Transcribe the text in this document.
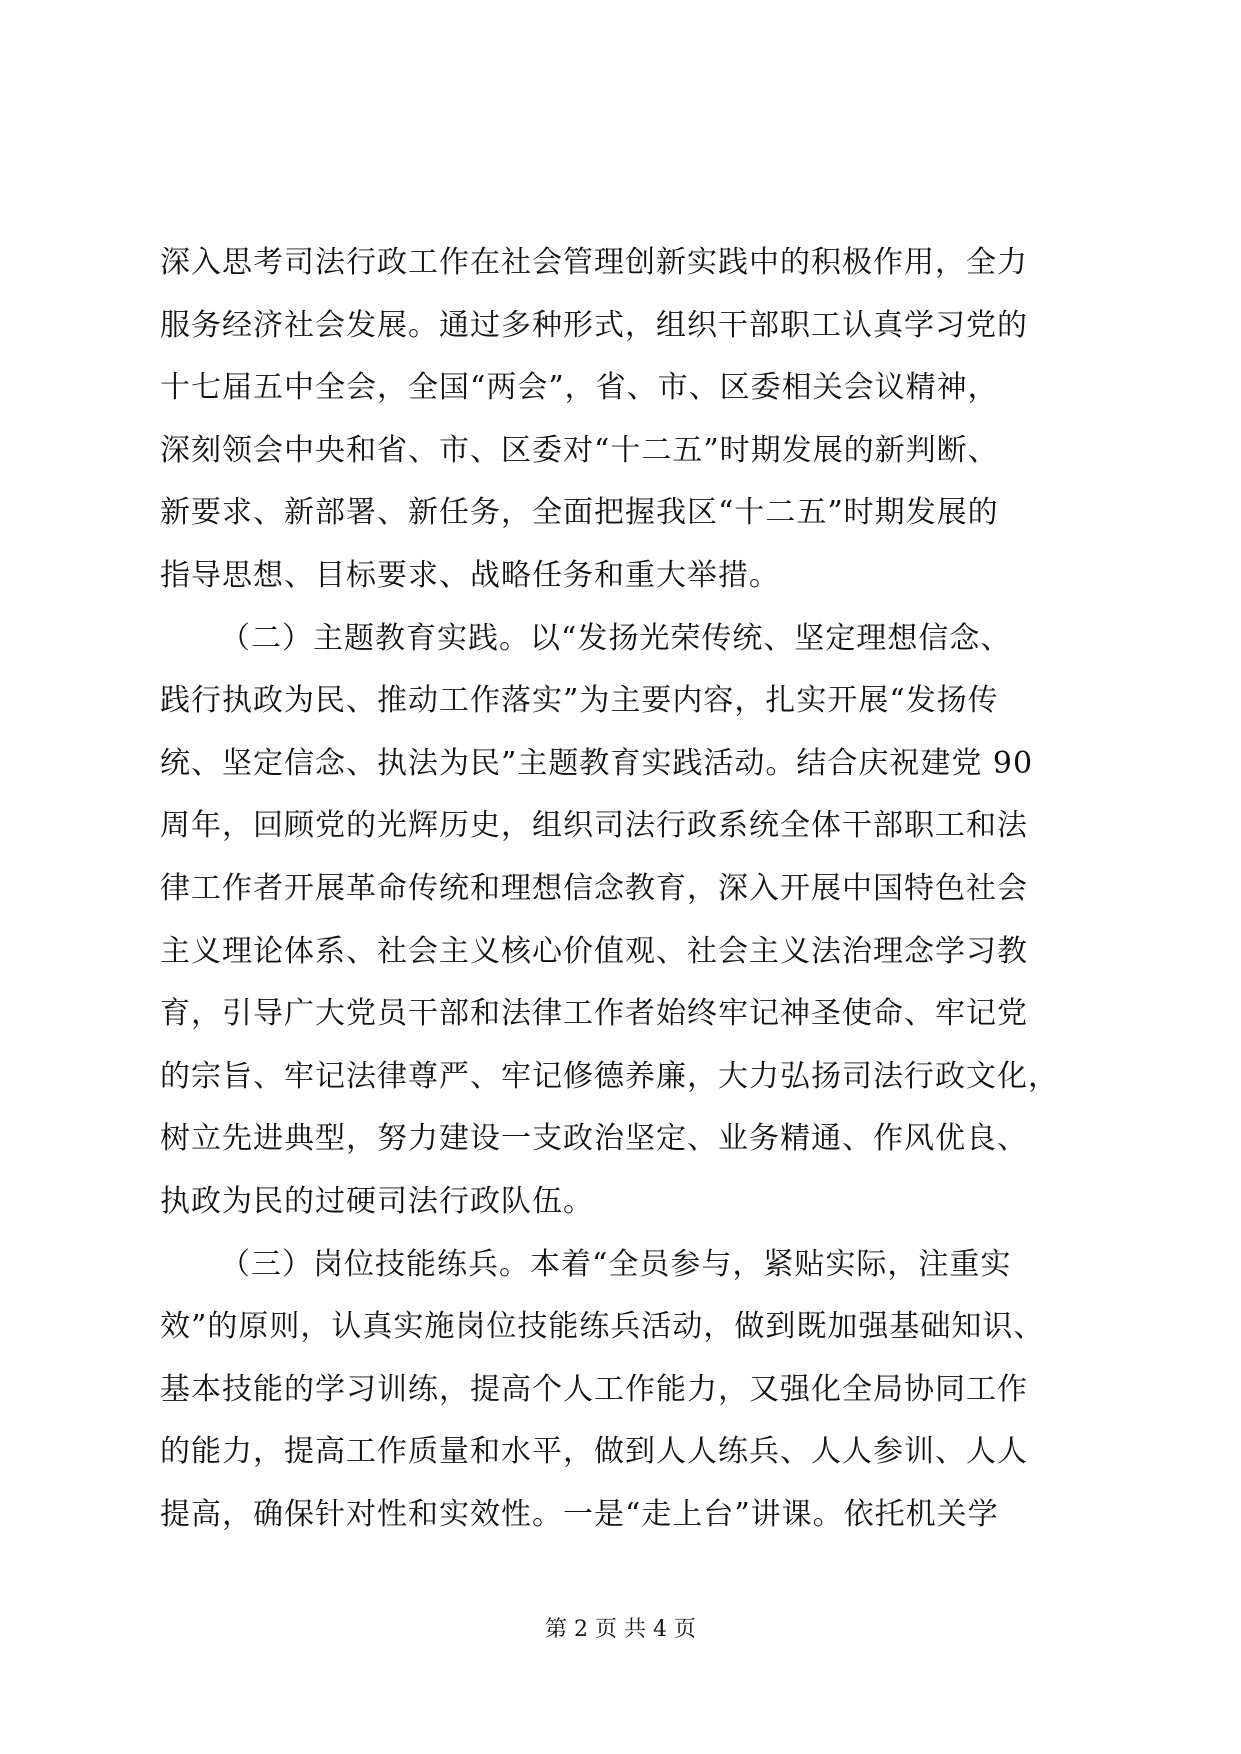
深入思考司法行政工作在社会管理创新实践中的积极作用，全力
服务经济社会发展。通过多种形式，组织干部职工认真学习党的
十七届五中全会，全国“两会”，省、市、区委相关会议精神，
深刻领会中央和省、市、区委对“十二五”时期发展的新判断、
新要求、新部署、新任务，全面把握我区“十二五”时期发展的
指导思想、目标要求、战略任务和重大举措。
（二）主题教育实践。以“发扬光荣传统、坚定理想信念、
践行执政为民、推动工作落实”为主要内容，扎实开展“发扬传
统、坚定信念、执法为民”主题教育实践活动。结合庆祝建党 90
周年，回顾党的光辉历史，组织司法行政系统全体干部职工和法
律工作者开展革命传统和理想信念教育，深入开展中国特色社会
主义理论体系、社会主义核心价值观、社会主义法治理念学习教
育，引导广大党员干部和法律工作者始终牢记神圣使命、牢记党
的宗旨、牢记法律尊严、牢记修德养廉，大力弘扬司法行政文化，
树立先进典型，努力建设一支政治坚定、业务精通、作风优良、
执政为民的过硬司法行政队伍。
（三）岗位技能练兵。本着“全员参与，紧贴实际，注重实
效”的原则，认真实施岗位技能练兵活动，做到既加强基础知识、
基本技能的学习训练，提高个人工作能力，又强化全局协同工作
的能力，提高工作质量和水平，做到人人练兵、人人参训、人人
提高，确保针对性和实效性。一是“走上台”讲课。依托机关学
第 2 页 共 4 页
